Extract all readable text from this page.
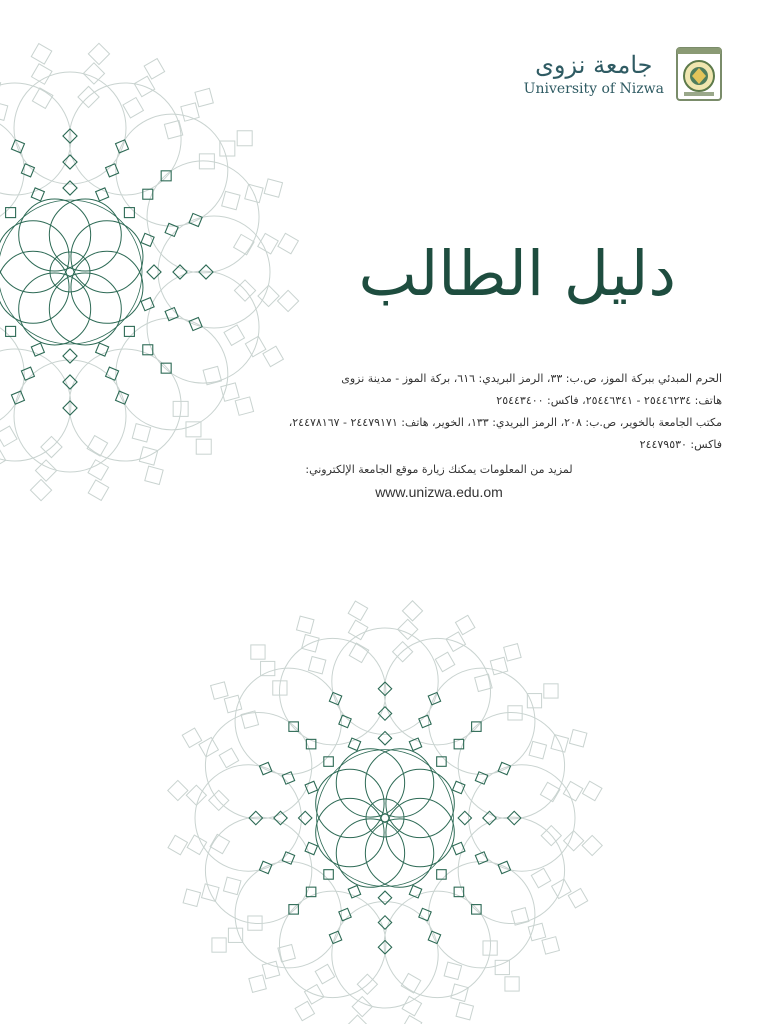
جامعة نزوى
University of Nizwa
دليل الطالب

الحرم المبدئي ببركة الموز، ص.ب: ٣٣، الرمز البريدي: ٦١٦، بركة الموز - مدينة نزوى

هاتف: ٢٥٤٤٦٢٣٤ - ٢٥٤٤٦٣٤١، فاكس: ٢٥٤٤٣٤٠٠

مكتب الجامعة بالخوير، ص.ب: ٢٠٨، الرمز البريدي: ١٣٣، الخوير، هاتف: ٢٤٤٧٩١٧١ - ٢٤٤٧٨١٦٧،

فاكس: ٢٤٤٧٩٥٣٠

لمزيد من المعلومات يمكنك زيارة موقع الجامعة الإلكتروني:

www.unizwa.edu.om
